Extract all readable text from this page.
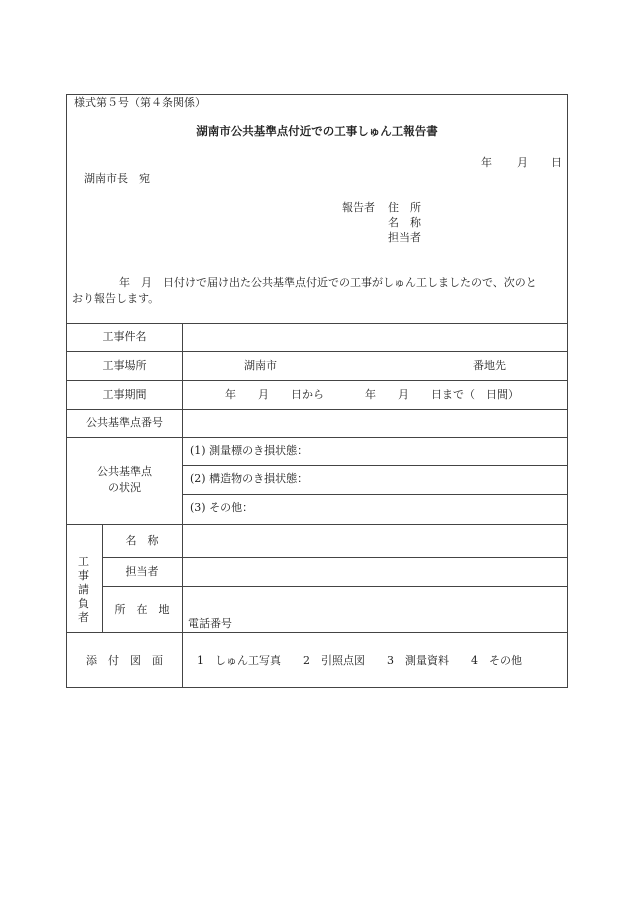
様式第５号（第４条関係）
湖南市公共基準点付近での工事しゅん工報告書
年 月 日
湖南市長　宛
報告者 住　所
名　称
担当者
年　月　日付けで届け出た公共基準点付近での工事がしゅん工しましたので、次のと
おり報告します。
工事件名
工事場所	湖南市	番地先
工事期間	年　　月　　日から	年　　月　　日まで（　日間）
公共基準点番号
公共基準点
の状況
(1) 測量標のき損状態：
(2) 構造物のき損状態：
(3) その他：
工
事
請
負
者
名　称
担当者
所　在　地
電話番号
添　付　図　面	1　しゅん工写真　　2　引照点図　　3　測量資料　　4　その他
